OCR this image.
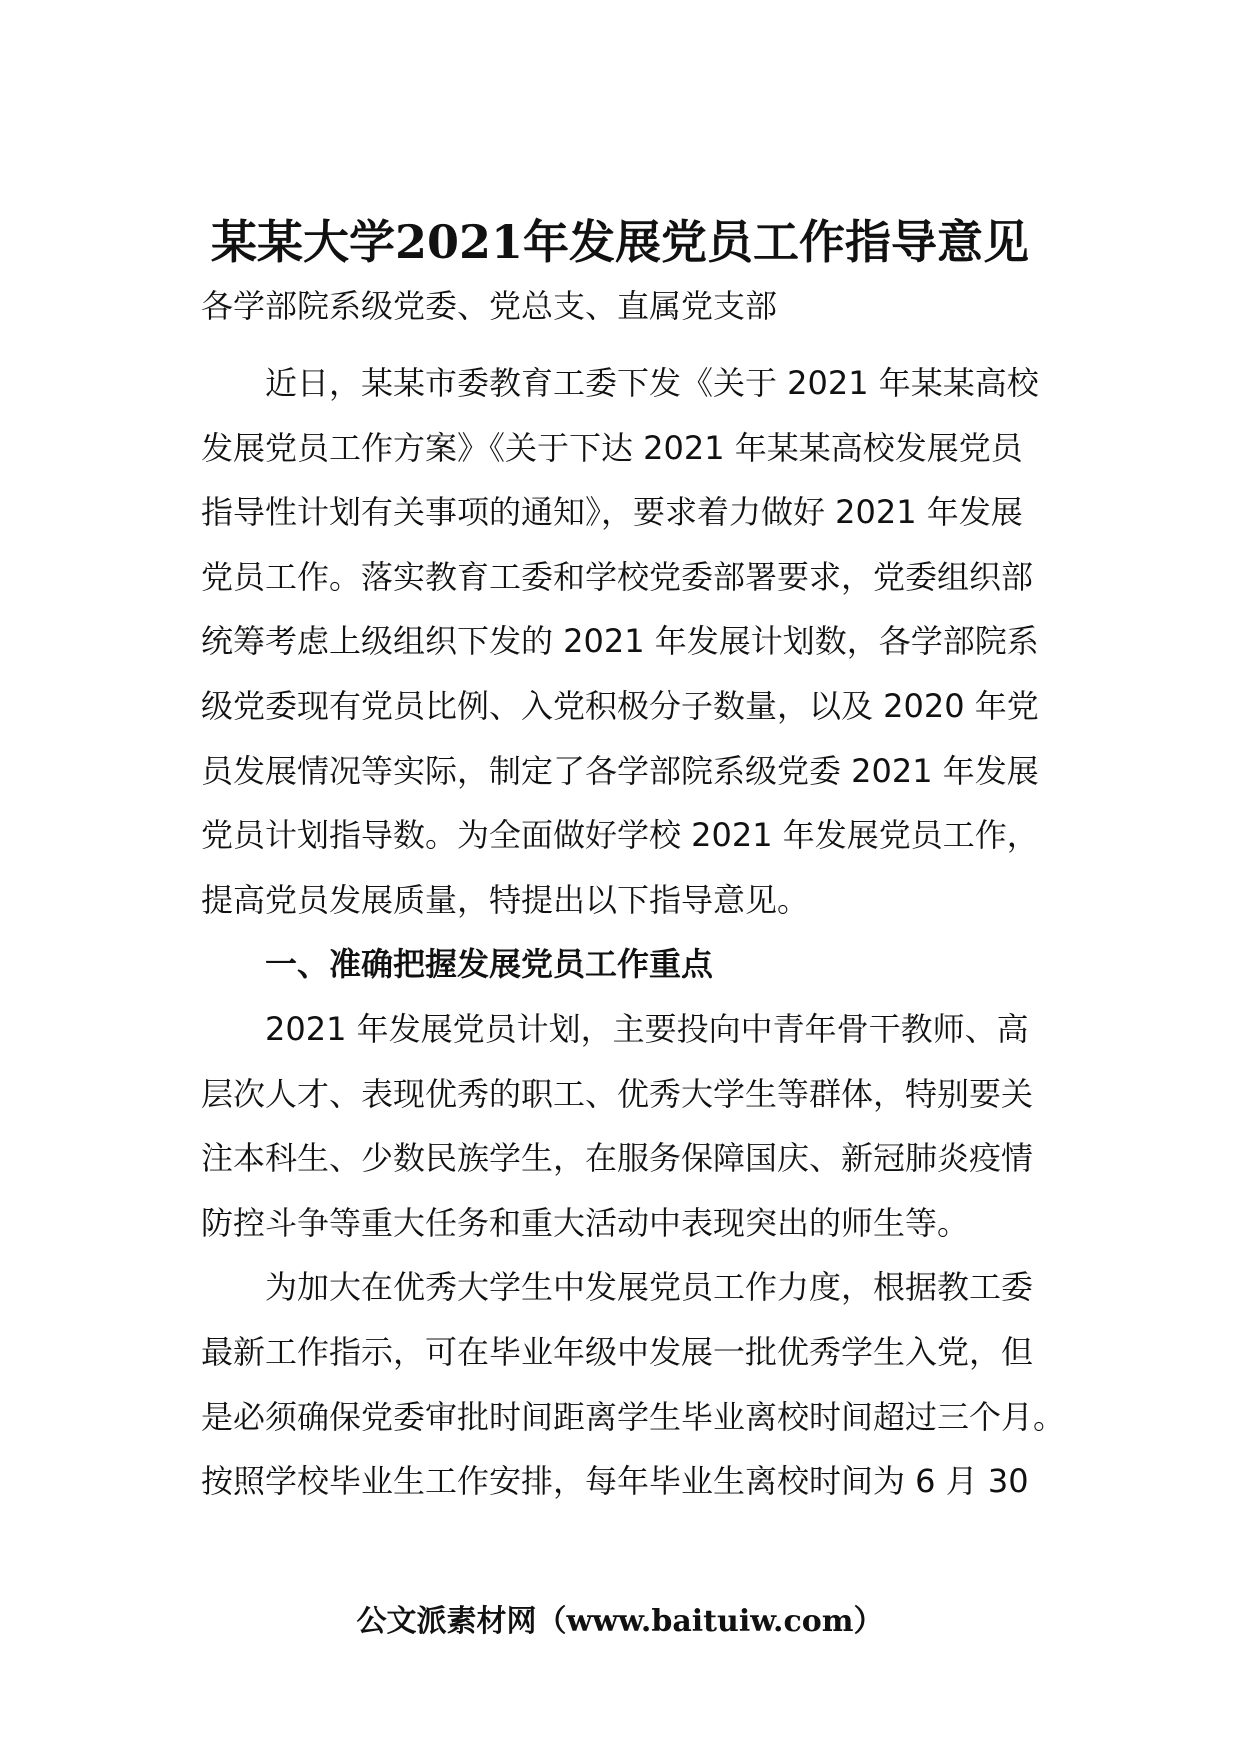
某某大学2021年发展党员工作指导意见
各学部院系级党委、党总支、直属党支部

近日，某某市委教育工委下发《关于 2021 年某某高校
发展党员工作方案》《关于下达 2021 年某某高校发展党员
指导性计划有关事项的通知》，要求着力做好 2021 年发展
党员工作。落实教育工委和学校党委部署要求，党委组织部
统筹考虑上级组织下发的 2021 年发展计划数，各学部院系
级党委现有党员比例、入党积极分子数量，以及 2020 年党
员发展情况等实际，制定了各学部院系级党委 2021 年发展
党员计划指导数。为全面做好学校 2021 年发展党员工作，
提高党员发展质量，特提出以下指导意见。

一、准确把握发展党员工作重点

2021 年发展党员计划，主要投向中青年骨干教师、高
层次人才、表现优秀的职工、优秀大学生等群体，特别要关
注本科生、少数民族学生，在服务保障国庆、新冠肺炎疫情
防控斗争等重大任务和重大活动中表现突出的师生等。

为加大在优秀大学生中发展党员工作力度，根据教工委
最新工作指示，可在毕业年级中发展一批优秀学生入党，但
是必须确保党委审批时间距离学生毕业离校时间超过三个月。
按照学校毕业生工作安排，每年毕业生离校时间为 6 月 30

公文派素材网（www.baituiw.com）
